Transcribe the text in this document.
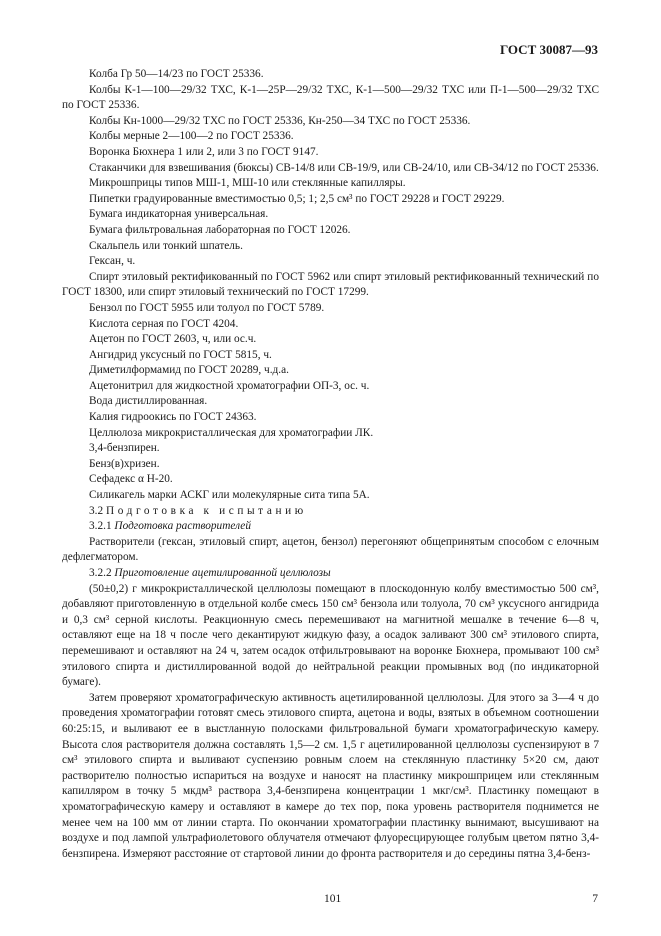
ГОСТ 30087—93

Колба Гр 50—14/23 по ГОСТ 25336.

Колбы К-1—100—29/32 ТХС, К-1—25Р—29/32 ТХС, К-1—500—29/32 ТХС или П-1—500—29/32 ТХС по ГОСТ 25336.

Колбы Кн-1000—29/32 ТХС по ГОСТ 25336, Кн-250—34 ТХС по ГОСТ 25336.

Колбы мерные 2—100—2 по ГОСТ 25336.

Воронка Бюхнера 1 или 2, или 3 по ГОСТ 9147.

Стаканчики для взвешивания (бюксы) СВ-14/8 или СВ-19/9, или СВ-24/10, или СВ-34/12 по ГОСТ 25336.

Микрошприцы типов МШ-1, МШ-10 или стеклянные капилляры.

Пипетки градуированные вместимостью 0,5; 1; 2,5 см³ по ГОСТ 29228 и ГОСТ 29229.

Бумага индикаторная универсальная.

Бумага фильтровальная лабораторная по ГОСТ 12026.

Скальпель или тонкий шпатель.

Гексан, ч.

Спирт этиловый ректификованный по ГОСТ 5962 или спирт этиловый ректификованный технический по ГОСТ 18300, или спирт этиловый технический по ГОСТ 17299.

Бензол по ГОСТ 5955 или толуол по ГОСТ 5789.

Кислота серная по ГОСТ 4204.

Ацетон по ГОСТ 2603, ч, или ос.ч.

Ангидрид уксусный по ГОСТ 5815, ч.

Диметилформамид по ГОСТ 20289, ч.д.а.

Ацетонитрил для жидкостной хроматографии ОП-3, ос. ч.

Вода дистиллированная.

Калия гидроокись по ГОСТ 24363.

Целлюлоза микрокристаллическая для хроматографии ЛК.

3,4-бензпирен.

Бенз(в)хризен.

Сефадекс α Н-20.

Силикагель марки АСКГ или молекулярные сита типа 5А.

3.2 Подготовка к испытанию

3.2.1 Подготовка растворителей

Растворители (гексан, этиловый спирт, ацетон, бензол) перегоняют общепринятым способом с елочным дефлегматором.

3.2.2 Приготовление ацетилированной целлюлозы

(50±0,2) г микрокристаллической целлюлозы помещают в плоскодонную колбу вместимостью 500 см³, добавляют приготовленную в отдельной колбе смесь 150 см³ бензола или толуола, 70 см³ уксусного ангидрида и 0,3 см³ серной кислоты. Реакционную смесь перемешивают на магнитной мешалке в течение 6—8 ч, оставляют еще на 18 ч после чего декантируют жидкую фазу, а осадок заливают 300 см³ этилового спирта, перемешивают и оставляют на 24 ч, затем осадок отфильтровывают на воронке Бюхнера, промывают 100 см³ этилового спирта и дистиллированной водой до нейтральной реакции промывных вод (по индикаторной бумаге).

Затем проверяют хроматографическую активность ацетилированной целлюлозы. Для этого за 3—4 ч до проведения хроматографии готовят смесь этилового спирта, ацетона и воды, взятых в объемном соотношении 60:25:15, и выливают ее в выстланную полосками фильтровальной бумаги хроматографическую камеру. Высота слоя растворителя должна составлять 1,5—2 см. 1,5 г ацетилированной целлюлозы суспензируют в 7 см³ этилового спирта и выливают суспензию ровным слоем на стеклянную пластинку 5×20 см, дают растворителю полностью испариться на воздухе и наносят на пластинку микрошприцем или стеклянным капилляром в точку 5 мкдм³ раствора 3,4-бензпирена концентрации 1 мкг/см³. Пластинку помещают в хроматографическую камеру и оставляют в камере до тех пор, пока уровень растворителя поднимется не менее чем на 100 мм от линии старта. По окончании хроматографии пластинку вынимают, высушивают на воздухе и под лампой ультрафиолетового облучателя отмечают флуоресцирующее голубым цветом пятно 3,4-бензпирена. Измеряют расстояние от стартовой линии до фронта растворителя и до середины пятна 3,4-бенз-

101	7
